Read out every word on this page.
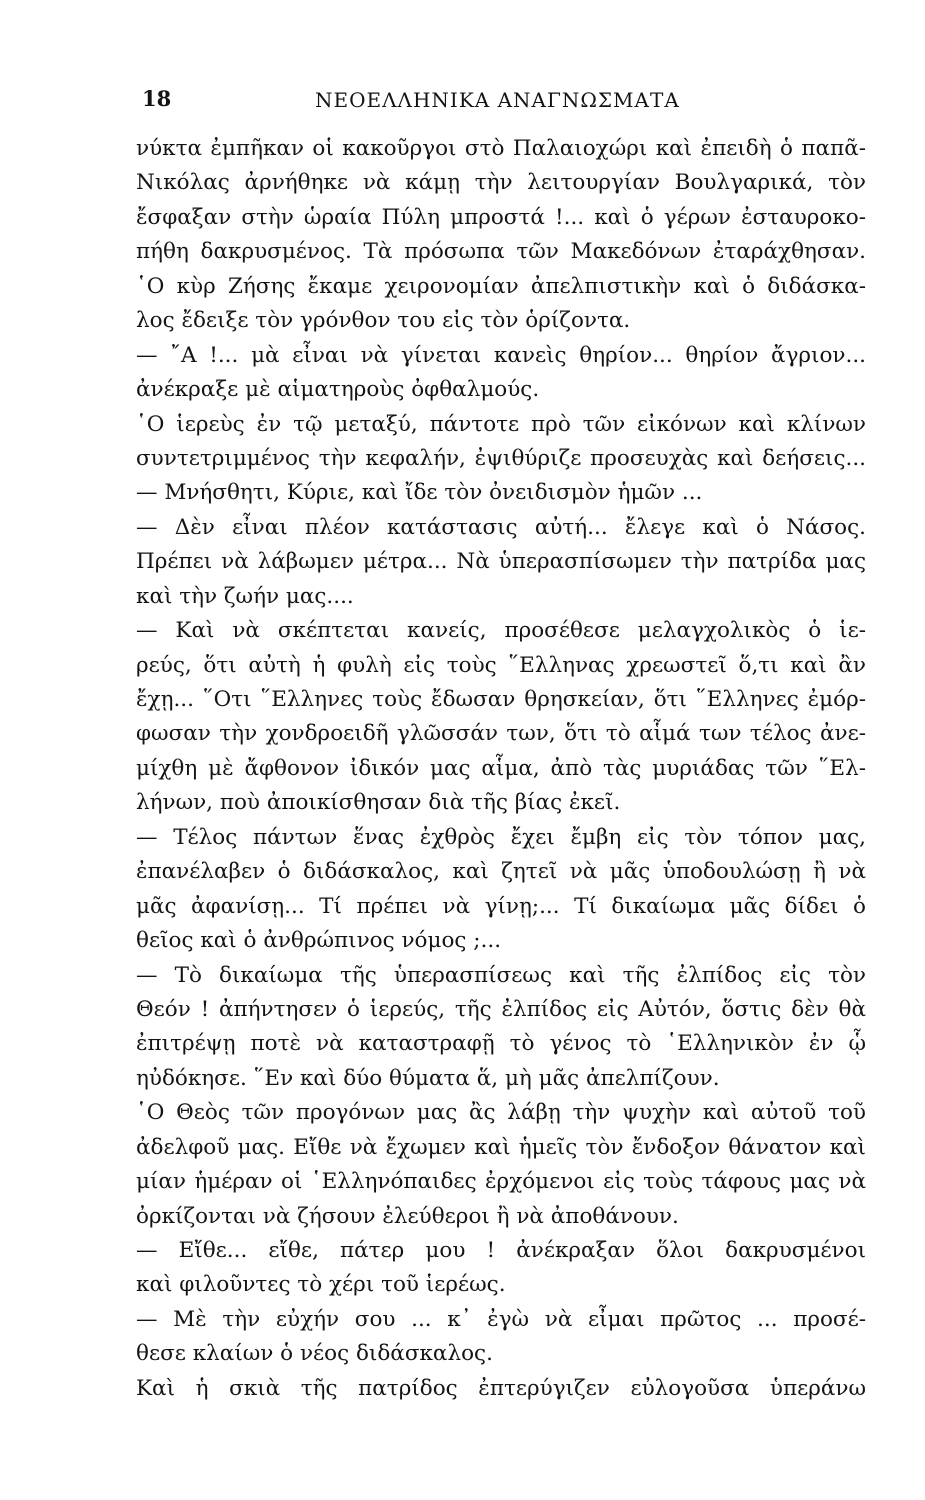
18	ΝΕΟΕΛΛΗΝΙΚΑ ΑΝΑΓΝΩΣΜΑΤΑ
νύκτα ἐμπῆκαν οἱ κακοῦργοι στὸ Παλαιοχώρι καὶ ἐπειδὴ ὁ παπᾶ-
Νικόλας ἀρνήθηκε νὰ κάμῃ τὴν λειτουργίαν Βουλγαρικά, τὸν
ἔσφαξαν στὴν ὡραία Πύλη μπροστά !... καὶ ὁ γέρων ἐσταυροκο-
πήθη δακρυσμένος. Τὰ πρόσωπα τῶν Μακεδόνων ἐταράχθησαν.
῾Ο κὺρ Ζήσης ἔκαμε χειρονομίαν ἀπελπιστικὴν καὶ ὁ διδάσκα-
λος ἔδειξε τὸν γρόνθον του εἰς τὸν ὁρίζοντα.
— ῎Α !... μὰ εἶναι νὰ γίνεται κανεὶς θηρίον... θηρίον ἄγριον...
ἀνέκραξε μὲ αἱματηροὺς ὀφθαλμούς.
῾Ο ἱερεὺς ἐν τῷ μεταξύ, πάντοτε πρὸ τῶν εἰκόνων καὶ κλίνων
συντετριμμένος τὴν κεφαλήν, ἐψιθύριζε προσευχὰς καὶ δεήσεις...
— Μνήσθητι, Κύριε, καὶ ἴδε τὸν ὀνειδισμὸν ἡμῶν ...
— Δὲν εἶναι πλέον κατάστασις αὐτή... ἔλεγε καὶ ὁ Νάσος.
Πρέπει νὰ λάβωμεν μέτρα... Νὰ ὑπερασπίσωμεν τὴν πατρίδα μας
καὶ τὴν ζωήν μας....
— Καὶ νὰ σκέπτεται κανείς, προσέθεσε μελαγχολικὸς ὁ ἱε-
ρεύς, ὅτι αὐτὴ ἡ φυλὴ εἰς τοὺς ῞Ελληνας χρεωστεῖ ὅ,τι καὶ ἂν
ἔχῃ... ῞Οτι ῞Ελληνες τοὺς ἔδωσαν θρησκείαν, ὅτι ῞Ελληνες ἐμόρ-
φωσαν τὴν χονδροειδῆ γλῶσσάν των, ὅτι τὸ αἷμά των τέλος ἀνε-
μίχθη μὲ ἄφθονον ἰδικόν μας αἷμα, ἀπὸ τὰς μυριάδας τῶν ῞Ελ-
λήνων, ποὺ ἀποικίσθησαν διὰ τῆς βίας ἐκεῖ.
— Τέλος πάντων ἕνας ἐχθρὸς ἔχει ἔμβη εἰς τὸν τόπον μας,
ἐπανέλαβεν ὁ διδάσκαλος, καὶ ζητεῖ νὰ μᾶς ὑποδουλώσῃ ἢ νὰ
μᾶς ἀφανίσῃ... Τί πρέπει νὰ γίνῃ;... Τί δικαίωμα μᾶς δίδει ὁ
θεῖος καὶ ὁ ἀνθρώπινος νόμος ;...
— Τὸ δικαίωμα τῆς ὑπερασπίσεως καὶ τῆς ἐλπίδος εἰς τὸν
Θεόν ! ἀπήντησεν ὁ ἱερεύς, τῆς ἐλπίδος εἰς Αὐτόν, ὅστις δὲν θὰ
ἐπιτρέψῃ ποτὲ νὰ καταστραφῇ τὸ γένος τὸ ῾Ελληνικὸν ἐν ᾧ
ηὐδόκησε. ῞Εν καὶ δύο θύματα ἅ, μὴ μᾶς ἀπελπίζουν.
῾Ο Θεὸς τῶν προγόνων μας ἂς λάβῃ τὴν ψυχὴν καὶ αὐτοῦ τοῦ
ἀδελφοῦ μας. Εἴθε νὰ ἔχωμεν καὶ ἡμεῖς τὸν ἔνδοξον θάνατον καὶ
μίαν ἡμέραν οἱ ῾Ελληνόπαιδες ἐρχόμενοι εἰς τοὺς τάφους μας νὰ
ὀρκίζονται νὰ ζήσουν ἐλεύθεροι ἢ νὰ ἀποθάνουν.
— Εἴθε... εἴθε, πάτερ μου ! ἀνέκραξαν ὅλοι δακρυσμένοι
καὶ φιλοῦντες τὸ χέρι τοῦ ἱερέως.
— Μὲ τὴν εὐχήν σου ... κ᾽ ἐγὼ νὰ εἶμαι πρῶτος ... προσέ-
θεσε κλαίων ὁ νέος διδάσκαλος.
Καὶ ἡ σκιὰ τῆς πατρίδος ἐπτερύγιζεν εὐλογοῦσα ὑπεράνω
